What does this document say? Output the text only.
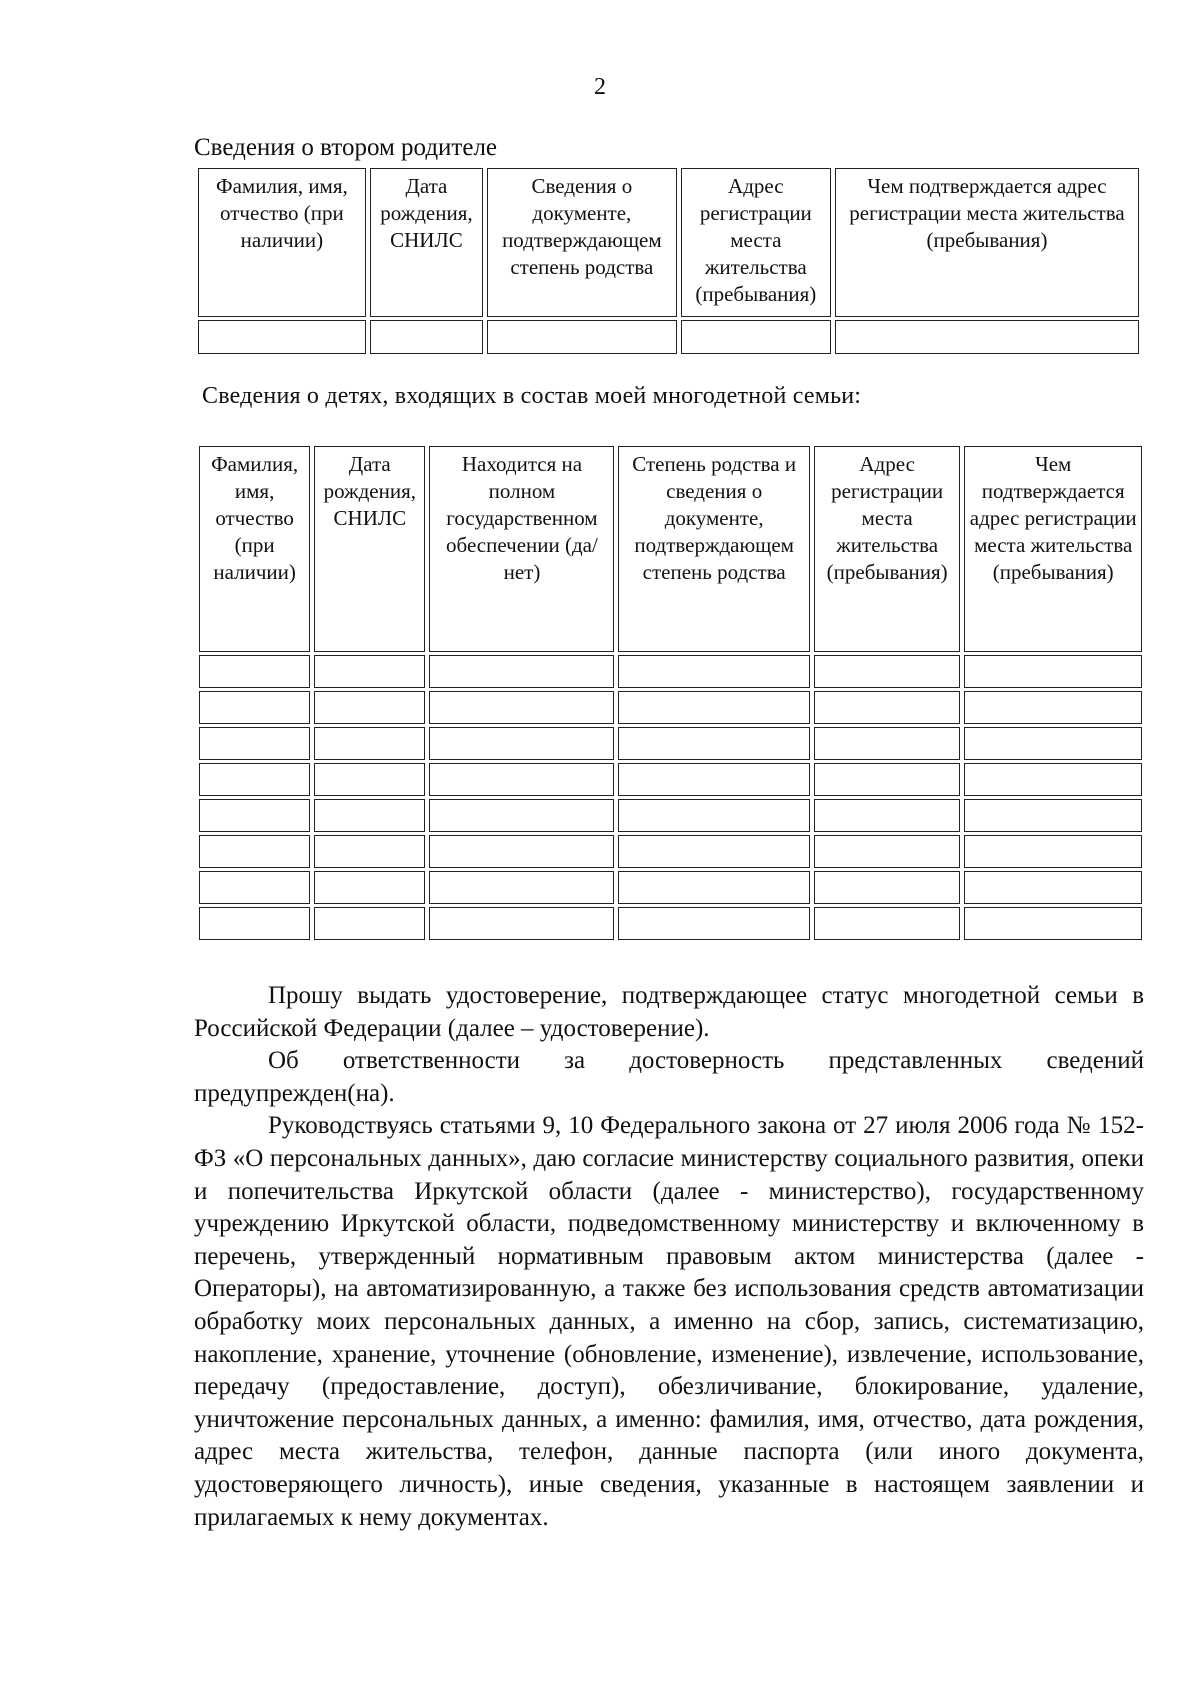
2
Сведения о втором родителе
Фамилия, имя, отчество (при наличии)	Дата рождения, СНИЛС	Сведения о документе, подтверждающем степень родства	Адрес регистрации места жительства (пребывания)	Чем подтверждается адрес регистрации места жительства (пребывания)

Сведения о детях, входящих в состав моей многодетной семьи:
Фамилия, имя, отчество (при наличии)	Дата рождения, СНИЛС	Находится на полном государственном обеспечении (да/нет)	Степень родства и сведения о документе, подтверждающем степень родства	Адрес регистрации места жительства (пребывания)	Чем подтверждается адрес регистрации места жительства (пребывания)

Прошу выдать удостоверение, подтверждающее статус многодетной семьи в Российской Федерации (далее – удостоверение).

Об ответственности за достоверность представленных сведений предупрежден(на).

Руководствуясь статьями 9, 10 Федерального закона от 27 июля 2006 года № 152-ФЗ «О персональных данных», даю согласие министерству социального развития, опеки и попечительства Иркутской области (далее - министерство), государственному учреждению Иркутской области, подведомственному министерству и включенному в перечень, утвержденный нормативным правовым актом министерства (далее - Операторы), на автоматизированную, а также без использования средств автоматизации обработку моих персональных данных, а именно на сбор, запись, систематизацию, накопление, хранение, уточнение (обновление, изменение), извлечение, использование, передачу (предоставление, доступ), обезличивание, блокирование, удаление, уничтожение персональных данных, а именно: фамилия, имя, отчество, дата рождения, адрес места жительства, телефон, данные паспорта (или иного документа, удостоверяющего личность), иные сведения, указанные в настоящем заявлении и прилагаемых к нему документах.
